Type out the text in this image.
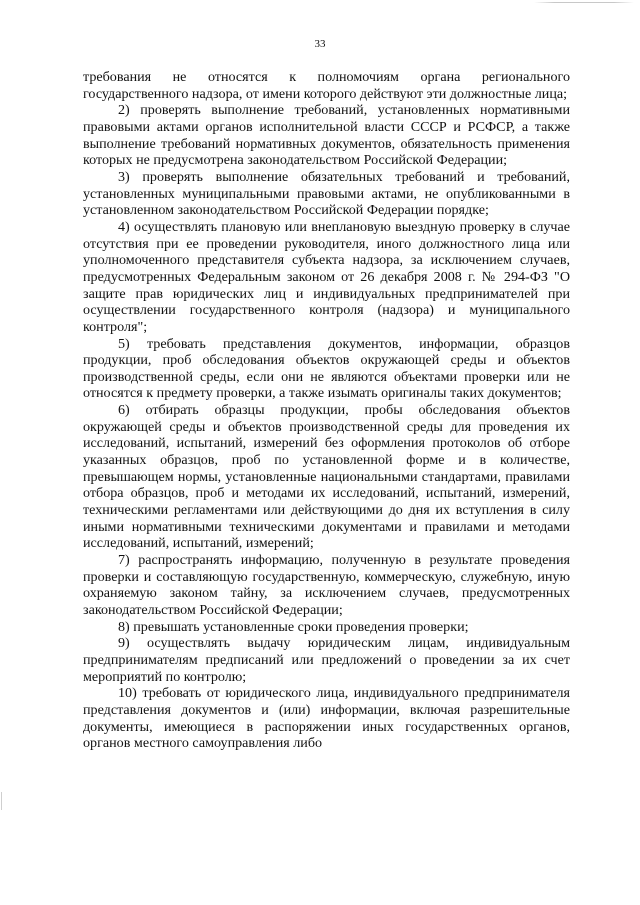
33

требования не относятся к полномочиям органа регионального государственного надзора, от имени которого действуют эти должностные лица;

2) проверять выполнение требований, установленных нормативными правовыми актами органов исполнительной власти СССР и РСФСР, а также выполнение требований нормативных документов, обязательность применения которых не предусмотрена законодательством Российской Федерации;

3) проверять выполнение обязательных требований и требований, установленных муниципальными правовыми актами, не опубликованными в установленном законодательством Российской Федерации порядке;

4) осуществлять плановую или внеплановую выездную проверку в случае отсутствия при ее проведении руководителя, иного должностного лица или уполномоченного представителя субъекта надзора, за исключением случаев, предусмотренных Федеральным законом от 26 декабря 2008 г. № 294-ФЗ "О защите прав юридических лиц и индивидуальных предпринимателей при осуществлении государственного контроля (надзора) и муниципального контроля";

5) требовать представления документов, информации, образцов продукции, проб обследования объектов окружающей среды и объектов производственной среды, если они не являются объектами проверки или не относятся к предмету проверки, а также изымать оригиналы таких документов;

6) отбирать образцы продукции, пробы обследования объектов окружающей среды и объектов производственной среды для проведения их исследований, испытаний, измерений без оформления протоколов об отборе указанных образцов, проб по установленной форме и в количестве, превышающем нормы, установленные национальными стандартами, правилами отбора образцов, проб и методами их исследований, испытаний, измерений, техническими регламентами или действующими до дня их вступления в силу иными нормативными техническими документами и правилами и методами исследований, испытаний, измерений;

7) распространять информацию, полученную в результате проведения проверки и составляющую государственную, коммерческую, служебную, иную охраняемую законом тайну, за исключением случаев, предусмотренных законодательством Российской Федерации;

8) превышать установленные сроки проведения проверки;

9) осуществлять выдачу юридическим лицам, индивидуальным предпринимателям предписаний или предложений о проведении за их счет мероприятий по контролю;

10) требовать от юридического лица, индивидуального предпринимателя представления документов и (или) информации, включая разрешительные документы, имеющиеся в распоряжении иных государственных органов, органов местного самоуправления либо
